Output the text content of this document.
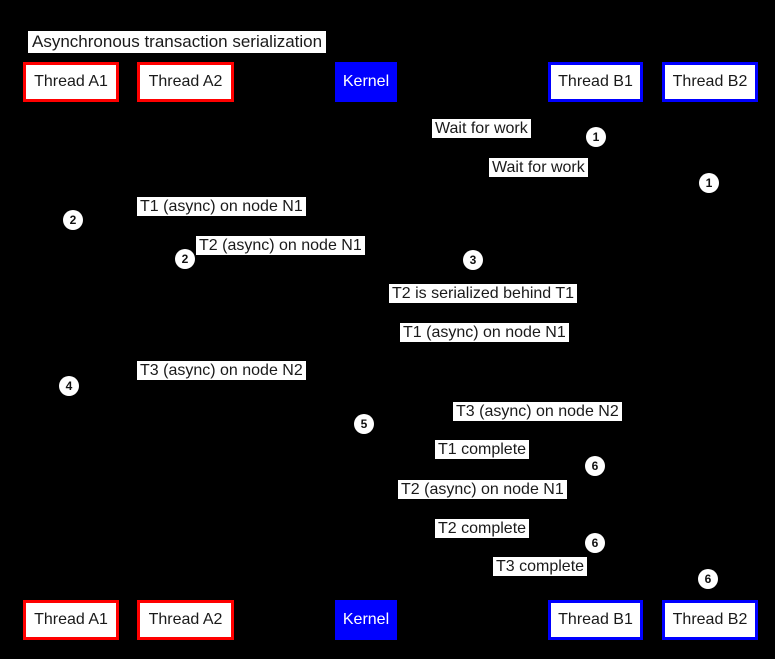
Asynchronous transaction serialization
Thread A1	Thread A2	Kernel	Thread B1	Thread B2
Wait for work
Wait for work
T1 (async) on node N1
T2 (async) on node N1
T2 is serialized behind T1
T1 (async) on node N1
T3 (async) on node N2
T3 (async) on node N2
T1 complete
T2 (async) on node N1
T2 complete
T3 complete
1
1
2
2	3
4
5
6
6
6
Thread A1	Thread A2	Kernel	Thread B1	Thread B2
